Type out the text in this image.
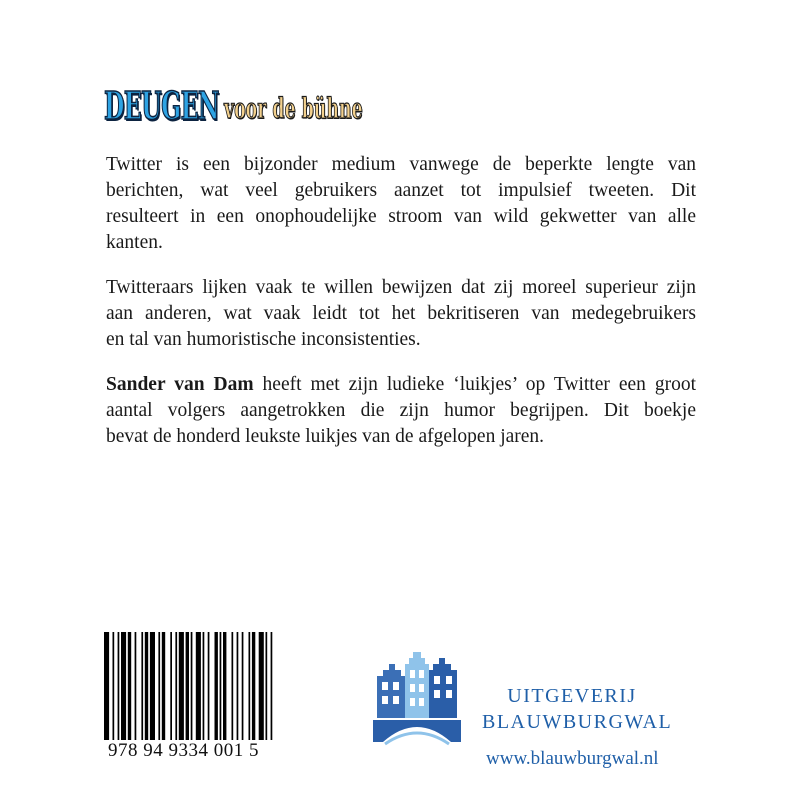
DEUGEN voor de bühne

Twitter is een bijzonder medium vanwege de beperkte lengte van
berichten, wat veel gebruikers aanzet tot impulsief tweeten. Dit
resulteert in een onophoudelijke stroom van wild gekwetter van alle
kanten.

Twitteraars lijken vaak te willen bewijzen dat zij moreel superieur zijn
aan anderen, wat vaak leidt tot het bekritiseren van medegebruikers
en tal van humoristische inconsistenties.

Sander van Dam heeft met zijn ludieke ‘luikjes’ op Twitter een groot
aantal volgers aangetrokken die zijn humor begrijpen. Dit boekje
bevat de honderd leukste luikjes van de afgelopen jaren.

978 94 9334 001 5
UITGEVERIJ
BLAUWBURGWAL
www.blauwburgwal.nl
